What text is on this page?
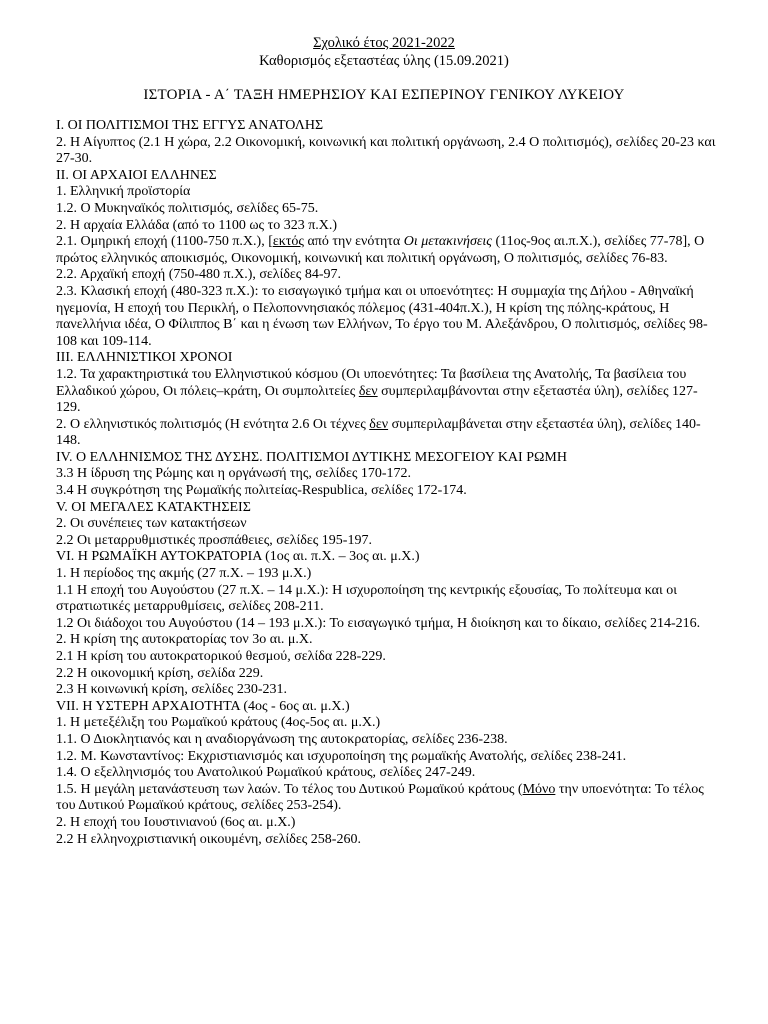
Σχολικό έτος 2021-2022
Καθορισμός εξεταστέας ύλης (15.09.2021)
ΙΣΤΟΡΙΑ - Α΄ ΤΑΞΗ ΗΜΕΡΗΣΙΟΥ ΚΑΙ ΕΣΠΕΡΙΝΟΥ ΓΕΝΙΚΟΥ ΛΥΚΕΙΟΥ
I. ΟΙ ΠΟΛΙΤΙΣΜΟΙ ΤΗΣ ΕΓΓΥΣ ΑΝΑΤΟΛΗΣ
2. Η Αίγυπτος (2.1 Η χώρα, 2.2 Οικονομική, κοινωνική και πολιτική οργάνωση, 2.4 Ο πολιτισμός), σελίδες 20-23 και 27-30.
II. ΟΙ ΑΡΧΑΙΟΙ ΕΛΛΗΝΕΣ
1. Ελληνική προϊστορία
1.2. Ο Μυκηναϊκός πολιτισμός, σελίδες 65-75.
2. Η αρχαία Ελλάδα (από το 1100 ως το 323 π.Χ.)
2.1. Ομηρική εποχή (1100-750 π.Χ.), [εκτός από την ενότητα Οι μετακινήσεις (11ος-9ος αι.π.Χ.), σελίδες 77-78], Ο πρώτος ελληνικός αποικισμός, Οικονομική, κοινωνική και πολιτική οργάνωση, Ο πολιτισμός, σελίδες 76-83.
2.2. Αρχαϊκή εποχή (750-480 π.Χ.), σελίδες 84-97.
2.3. Κλασική εποχή (480-323 π.Χ.): το εισαγωγικό τμήμα και οι υποενότητες: Η συμμαχία της Δήλου - Αθηναϊκή ηγεμονία, Η εποχή του Περικλή, ο Πελοποννησιακός πόλεμος (431-404π.Χ.), Η κρίση της πόλης-κράτους, Η πανελλήνια ιδέα, Ο Φίλιππος Β΄ και η ένωση των Ελλήνων, Το έργο του Μ. Αλεξάνδρου, Ο πολιτισμός, σελίδες 98-108 και 109-114.
III. ΕΛΛΗΝΙΣΤΙΚΟΙ ΧΡΟΝΟΙ
1.2. Τα χαρακτηριστικά του Ελληνιστικού κόσμου (Οι υποενότητες: Τα βασίλεια της Ανατολής, Τα βασίλεια του Ελλαδικού χώρου, Οι πόλεις–κράτη, Οι συμπολιτείες δεν συμπεριλαμβάνονται στην εξεταστέα ύλη), σελίδες 127-129.
2. Ο ελληνιστικός πολιτισμός (Η ενότητα 2.6 Οι τέχνες δεν συμπεριλαμβάνεται στην εξεταστέα ύλη), σελίδες 140-148.
IV. Ο ΕΛΛΗΝΙΣΜΟΣ ΤΗΣ ΔΥΣΗΣ. ΠΟΛΙΤΙΣΜΟΙ ΔΥΤΙΚΗΣ ΜΕΣΟΓΕΙΟΥ ΚΑΙ ΡΩΜΗ
3.3 Η ίδρυση της Ρώμης και η οργάνωσή της, σελίδες 170-172.
3.4 Η συγκρότηση της Ρωμαϊκής πολιτείας-Respublica, σελίδες 172-174.
V. ΟΙ ΜΕΓΑΛΕΣ ΚΑΤΑΚΤΗΣΕΙΣ
2. Οι συνέπειες των κατακτήσεων
2.2 Οι μεταρρυθμιστικές προσπάθειες, σελίδες 195-197.
VI. Η ΡΩΜΑΪΚΗ ΑΥΤΟΚΡΑΤΟΡΙΑ (1ος αι. π.Χ. – 3ος αι. μ.Χ.)
1. Η περίοδος της ακμής (27 π.Χ. – 193 μ.Χ.)
1.1 Η εποχή του Αυγούστου (27 π.Χ. – 14 μ.Χ.): Η ισχυροποίηση της κεντρικής εξουσίας, Το πολίτευμα και οι στρατιωτικές μεταρρυθμίσεις, σελίδες 208-211.
1.2 Οι διάδοχοι του Αυγούστου (14 – 193 μ.Χ.): Το εισαγωγικό τμήμα, Η διοίκηση και το δίκαιο, σελίδες 214-216.
2. Η κρίση της αυτοκρατορίας τον 3ο αι. μ.Χ.
2.1 Η κρίση του αυτοκρατορικού θεσμού, σελίδα 228-229.
2.2 Η οικονομική κρίση, σελίδα 229.
2.3 Η κοινωνική κρίση, σελίδες 230-231.
VII. Η ΥΣΤΕΡΗ ΑΡΧΑΙΟΤΗΤΑ (4ος - 6ος αι. μ.Χ.)
1. Η μετεξέλιξη του Ρωμαϊκού κράτους (4ος-5ος αι. μ.Χ.)
1.1. Ο Διοκλητιανός και η αναδιοργάνωση της αυτοκρατορίας, σελίδες 236-238.
1.2. Μ. Κωνσταντίνος: Εκχριστιανισμός και ισχυροποίηση της ρωμαϊκής Ανατολής, σελίδες 238-241.
1.4. Ο εξελληνισμός του Ανατολικού Ρωμαϊκού κράτους, σελίδες 247-249.
1.5. Η μεγάλη μετανάστευση των λαών. Το τέλος του Δυτικού Ρωμαϊκού κράτους (Μόνο την υποενότητα: Το τέλος του Δυτικού Ρωμαϊκού κράτους, σελίδες 253-254).
2. Η εποχή του Ιουστινιανού (6ος αι. μ.Χ.)
2.2 Η ελληνοχριστιανική οικουμένη, σελίδες 258-260.
